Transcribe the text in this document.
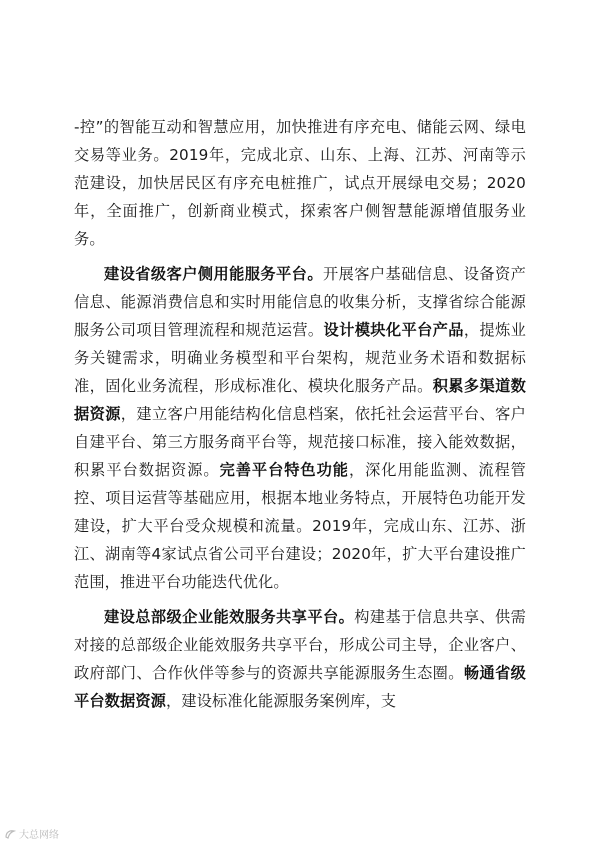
-控”的智能互动和智慧应用，加快推进有序充电、储能云网、绿电交易等业务。2019年，完成北京、山东、上海、江苏、河南等示范建设，加快居民区有序充电桩推广，试点开展绿电交易；2020年，全面推广，创新商业模式，探索客户侧智慧能源增值服务业务。

建设省级客户侧用能服务平台。开展客户基础信息、设备资产信息、能源消费信息和实时用能信息的收集分析，支撑省综合能源服务公司项目管理流程和规范运营。设计模块化平台产品，提炼业务关键需求，明确业务模型和平台架构，规范业务术语和数据标准，固化业务流程，形成标准化、模块化服务产品。积累多渠道数据资源，建立客户用能结构化信息档案，依托社会运营平台、客户自建平台、第三方服务商平台等，规范接口标准，接入能效数据，积累平台数据资源。完善平台特色功能，深化用能监测、流程管控、项目运营等基础应用，根据本地业务特点，开展特色功能开发建设，扩大平台受众规模和流量。2019年，完成山东、江苏、浙江、湖南等4家试点省公司平台建设；2020年，扩大平台建设推广范围，推进平台功能迭代优化。

建设总部级企业能效服务共享平台。构建基于信息共享、供需对接的总部级企业能效服务共享平台，形成公司主导，企业客户、政府部门、合作伙伴等参与的资源共享能源服务生态圈。畅通省级平台数据资源，建设标准化能源服务案例库，支

大总网络
